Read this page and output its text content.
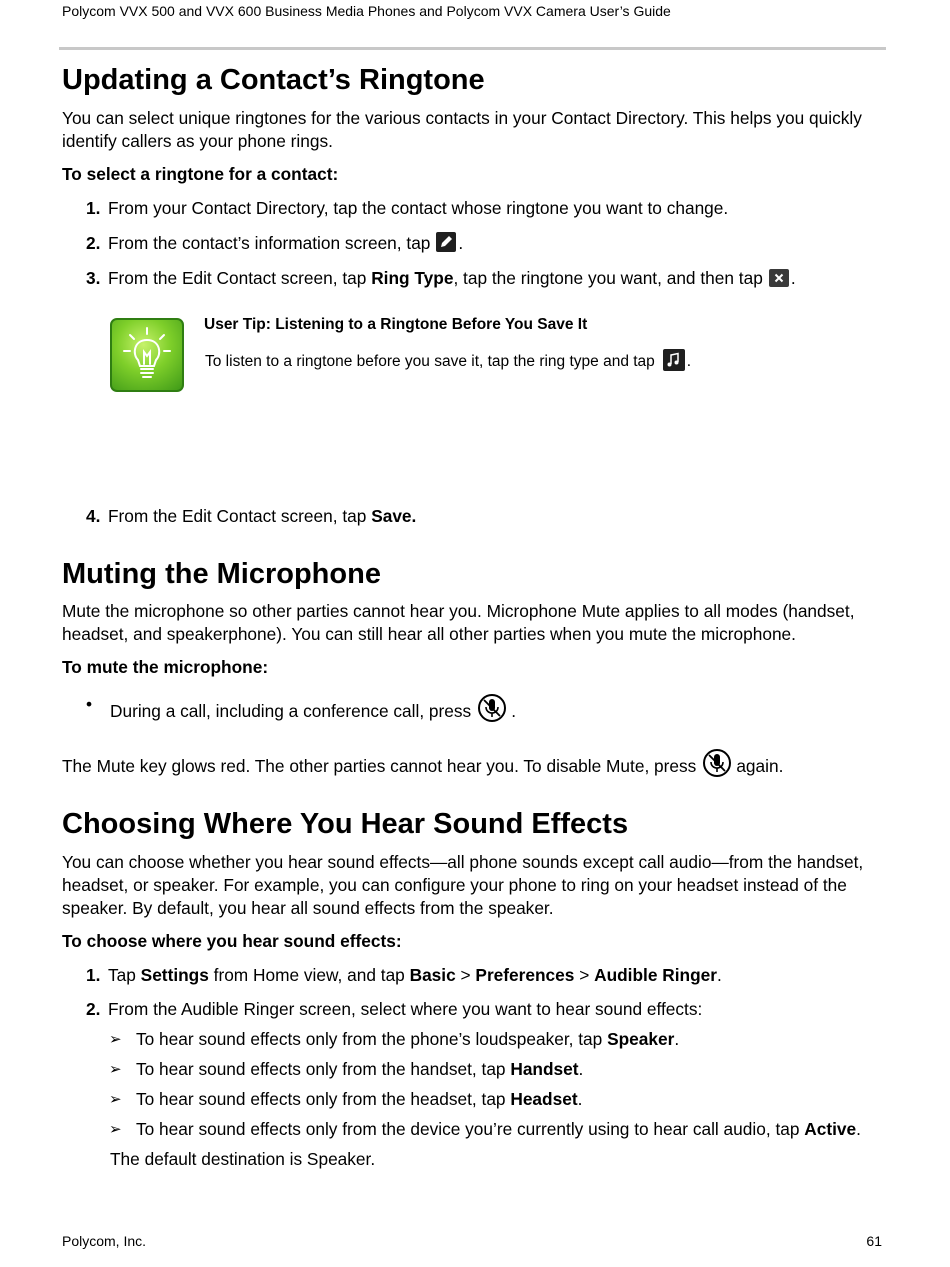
Polycom VVX 500 and VVX 600 Business Media Phones and Polycom VVX Camera User’s Guide
Updating a Contact’s Ringtone

You can select unique ringtones for the various contacts in your Contact Directory. This helps you quickly identify callers as your phone rings.

To select a ringtone for a contact:

1. From your Contact Directory, tap the contact whose ringtone you want to change.
2. From the contact’s information screen, tap .
3. From the Edit Contact screen, tap Ring Type, tap the ringtone you want, and then tap .
User Tip: Listening to a Ringtone Before You Save It
To listen to a ringtone before you save it, tap the ring type and tap .
4. From the Edit Contact screen, tap Save.
Muting the Microphone

Mute the microphone so other parties cannot hear you. Microphone Mute applies to all modes (handset, headset, and speakerphone). You can still hear all other parties when you mute the microphone.

To mute the microphone:

• During a call, including a conference call, press .

The Mute key glows red. The other parties cannot hear you. To disable Mute, press again.

Choosing Where You Hear Sound Effects

You can choose whether you hear sound effects—all phone sounds except call audio—from the handset, headset, or speaker. For example, you can configure your phone to ring on your headset instead of the speaker. By default, you hear all sound effects from the speaker.

To choose where you hear sound effects:

1. Tap Settings from Home view, and tap Basic > Preferences > Audible Ringer.
2. From the Audible Ringer screen, select where you want to hear sound effects:
➢ To hear sound effects only from the phone’s loudspeaker, tap Speaker.
➢ To hear sound effects only from the handset, tap Handset.
➢ To hear sound effects only from the headset, tap Headset.
➢ To hear sound effects only from the device you’re currently using to hear call audio, tap Active.

The default destination is Speaker.

Polycom, Inc.	61
